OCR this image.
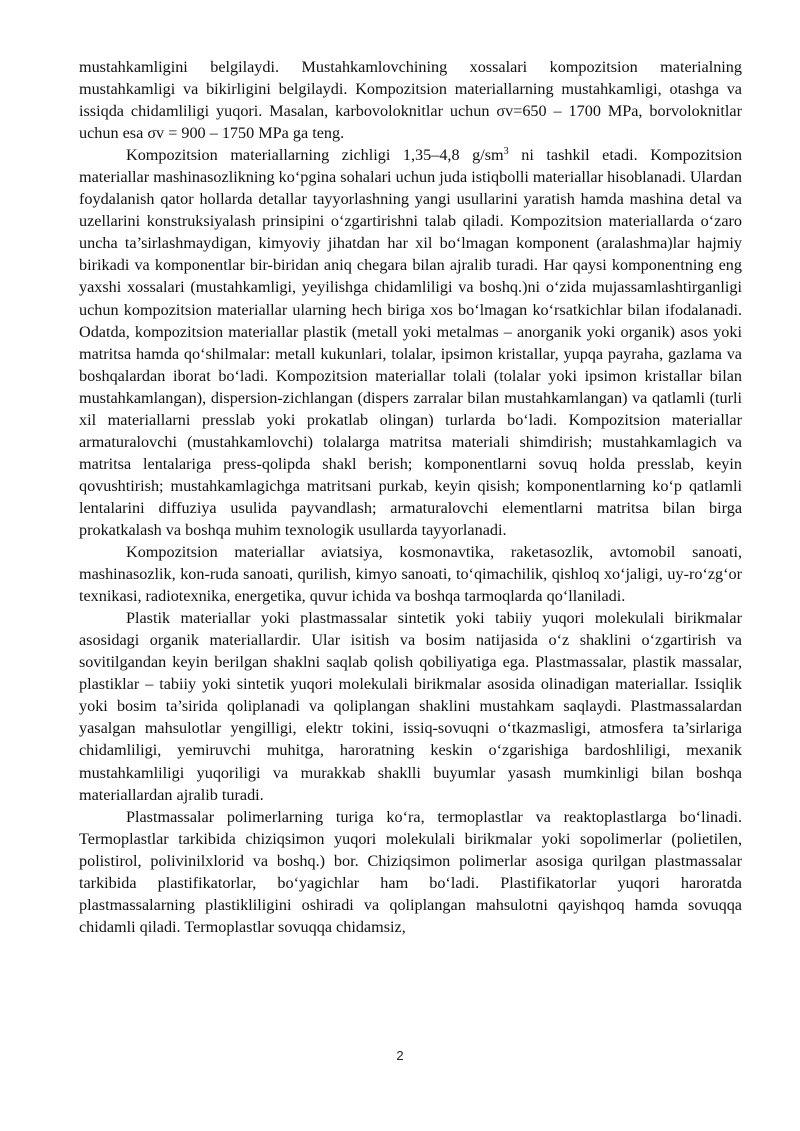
mustahkamligini belgilaydi. Mustahkamlovchining xossalari kompozitsion materialning mustahkamligi va bikirligini belgilaydi. Kompozitsion materiallarning mustahkamligi, otashga va issiqda chidamliligi yuqori. Masalan, karbovoloknitlar uchun σv=650 – 1700 MPa, borvoloknitlar uchun esa σv = 900 – 1750 MPa ga teng.

Kompozitsion materiallarning zichligi 1,35–4,8 $g/sm^3$ ni tashkil etadi. Kompozitsion materiallar mashinasozlikning ko‘pgina sohalari uchun juda istiqbolli materiallar hisoblanadi. Ulardan foydalanish qator hollarda detallar tayyorlashning yangi usullarini yaratish hamda mashina detal va uzellarini konstruksiyalash prinsipini o‘zgartirishni talab qiladi. Kompozitsion materiallarda o‘zaro uncha ta’sirlashmaydigan, kimyoviy jihatdan har xil bo‘lmagan komponent (aralashma)lar hajmiy birikadi va komponentlar bir-biridan aniq chegara bilan ajralib turadi. Har qaysi komponentning eng yaxshi xossalari (mustahkamligi, yeyilishga chidamliligi va boshq.)ni o‘zida mujassamlashtirganligi uchun kompozitsion materiallar ularning hech biriga xos bo‘lmagan ko‘rsatkichlar bilan ifodalanadi. Odatda, kompozitsion materiallar plastik (metall yoki metalmas – anorganik yoki organik) asos yoki matritsa hamda qo‘shilmalar: metall kukunlari, tolalar, ipsimon kristallar, yupqa payraha, gazlama va boshqalardan iborat bo‘ladi. Kompozitsion materiallar tolali (tolalar yoki ipsimon kristallar bilan mustahkamlangan), dispersion-zichlangan (dispers zarralar bilan mustahkamlangan) va qatlamli (turli xil materiallarni presslab yoki prokatlab olingan) turlarda bo‘ladi. Kompozitsion materiallar armaturalovchi (mustahkamlovchi) tolalarga matritsa materiali shimdirish; mustahkamlagich va matritsa lentalariga press-qolipda shakl berish; komponentlarni sovuq holda presslab, keyin qovushtirish; mustahkamlagichga matritsani purkab, keyin qisish; komponentlarning ko‘p qatlamli lentalarini diffuziya usulida payvandlash; armaturalovchi elementlarni matritsa bilan birga prokatkalash va boshqa muhim texnologik usullarda tayyorlanadi.

Kompozitsion materiallar aviatsiya, kosmonavtika, raketasozlik, avtomobil sanoati, mashinasozlik, kon-ruda sanoati, qurilish, kimyo sanoati, to‘qimachilik, qishloq xo‘jaligi, uy-ro‘zg‘or texnikasi, radiotexnika, energetika, quvur ichida va boshqa tarmoqlarda qo‘llaniladi.

Plastik materiallar yoki plastmassalar sintetik yoki tabiiy yuqori molekulali birikmalar asosidagi organik materiallardir. Ular isitish va bosim natijasida o‘z shaklini o‘zgartirish va sovitilgandan keyin berilgan shaklni saqlab qolish qobiliyatiga ega. Plastmassalar, plastik massalar, plastiklar – tabiiy yoki sintetik yuqori molekulali birikmalar asosida olinadigan materiallar. Issiqlik yoki bosim ta’sirida qoliplanadi va qoliplangan shaklini mustahkam saqlaydi. Plastmassalardan yasalgan mahsulotlar yengilligi, elektr tokini, issiq-sovuqni o‘tkazmasligi, atmosfera ta’sirlariga chidamliligi, yemiruvchi muhitga, haroratning keskin o‘zgarishiga bardoshliligi, mexanik mustahkamliligi yuqoriligi va murakkab shaklli buyumlar yasash mumkinligi bilan boshqa materiallardan ajralib turadi.

Plastmassalar polimerlarning turiga ko‘ra, termoplastlar va reaktoplastlarga bo‘linadi. Termoplastlar tarkibida chiziqsimon yuqori molekulali birikmalar yoki sopolimerlar (polietilen, polistirol, polivinilxlorid va boshq.) bor. Chiziqsimon polimerlar asosiga qurilgan plastmassalar tarkibida plastifikatorlar, bo‘yagichlar ham bo‘ladi. Plastifikatorlar yuqori haroratda plastmassalarning plastikliligini oshiradi va qoliplangan mahsulotni qayishqoq hamda sovuqqa chidamli qiladi. Termoplastlar sovuqqa chidamsiz,

2
